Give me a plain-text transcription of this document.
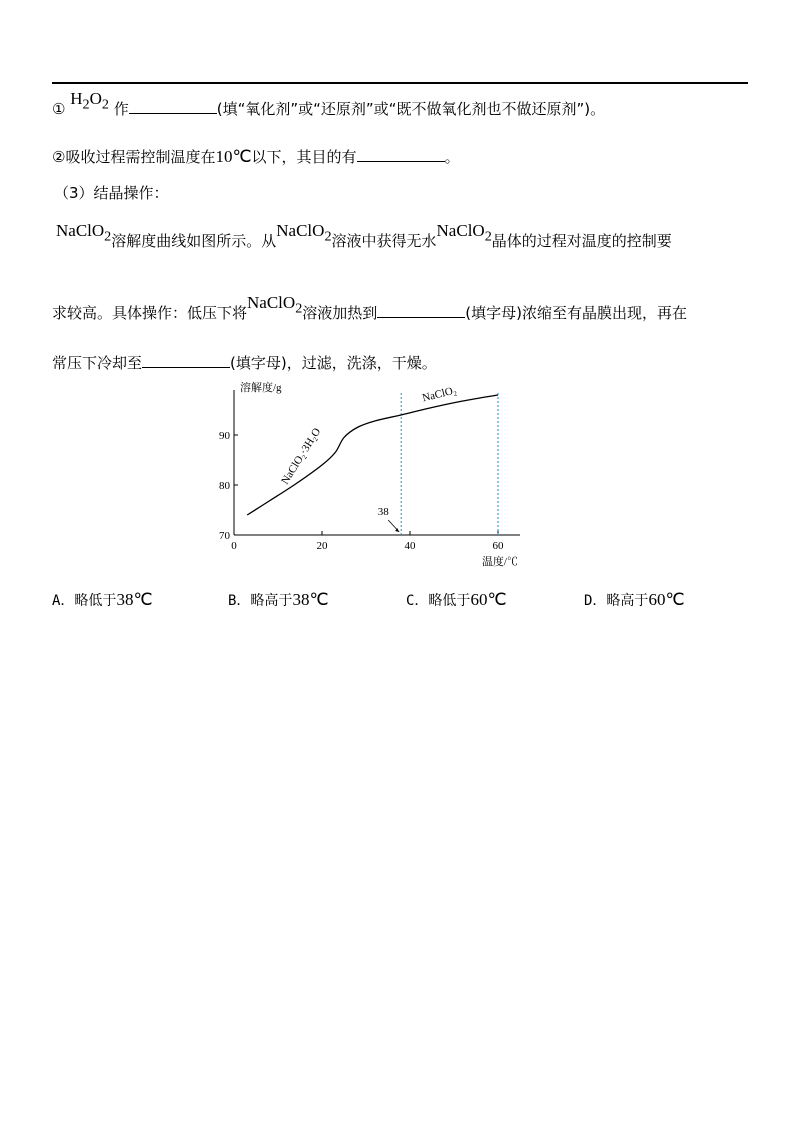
① $H_2O_2$ 作	(填“氧化剂”或“还原剂”或“既不做氧化剂也不做还原剂”)。
②吸收过程需控制温度在10℃以下，其目的有	。
（3）结晶操作：
NaClO$_2$溶解度曲线如图所示。从NaClO$_2$溶液中获得无水NaClO$_2$晶体的过程对温度的控制要
求较高。具体操作：低压下将NaClO$_2$溶液加热到	(填字母)浓缩至有晶膜出现，再在
常压下冷却至	(填字母)，过滤，洗涤，干燥。
0	20	40	60
70
80
90
溶解度/g
温度/℃
NaClO₂·3H₂O
NaClO₂
38
A．略低于38℃	B．略高于38℃	C．略低于60℃	D．略高于60℃
